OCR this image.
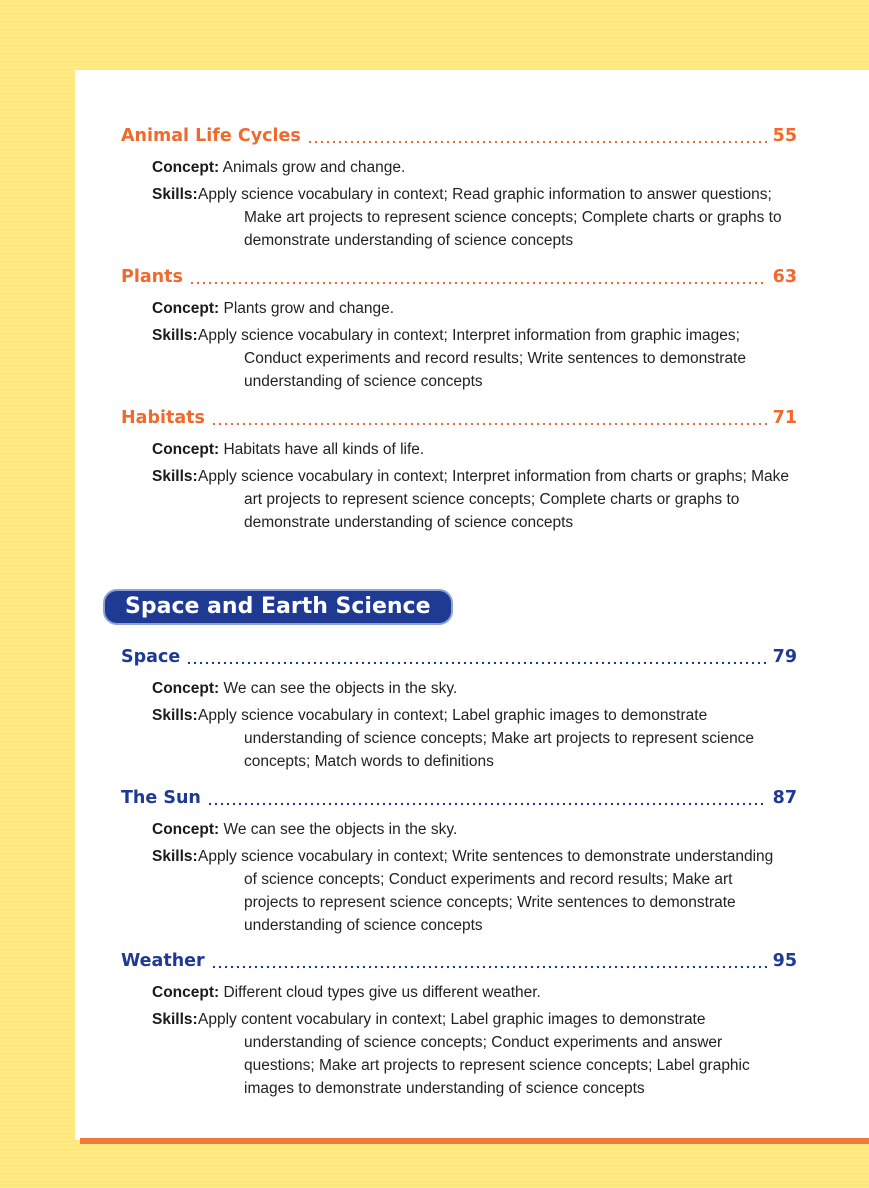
Animal Life Cycles	55
Concept: Animals grow and change.
Skills: Apply science vocabulary in context; Read graphic information to answer questions; Make art projects to represent science concepts; Complete charts or graphs to demonstrate understanding of science concepts
Plants	63
Concept: Plants grow and change.
Skills: Apply science vocabulary in context; Interpret information from graphic images; Conduct experiments and record results; Write sentences to demonstrate understanding of science concepts
Habitats	71
Concept: Habitats have all kinds of life.
Skills: Apply science vocabulary in context; Interpret information from charts or graphs; Make art projects to represent science concepts; Complete charts or graphs to demonstrate understanding of science concepts
Space and Earth Science
Space	79
Concept: We can see the objects in the sky.
Skills: Apply science vocabulary in context; Label graphic images to demonstrate understanding of science concepts; Make art projects to represent science concepts; Match words to definitions
The Sun	87
Concept: We can see the objects in the sky.
Skills: Apply science vocabulary in context; Write sentences to demonstrate understanding of science concepts; Conduct experiments and record results; Make art projects to represent science concepts; Write sentences to demonstrate understanding of science concepts
Weather	95
Concept: Different cloud types give us different weather.
Skills: Apply content vocabulary in context; Label graphic images to demonstrate understanding of science concepts; Conduct experiments and answer questions; Make art projects to represent science concepts; Label graphic images to demonstrate understanding of science concepts
